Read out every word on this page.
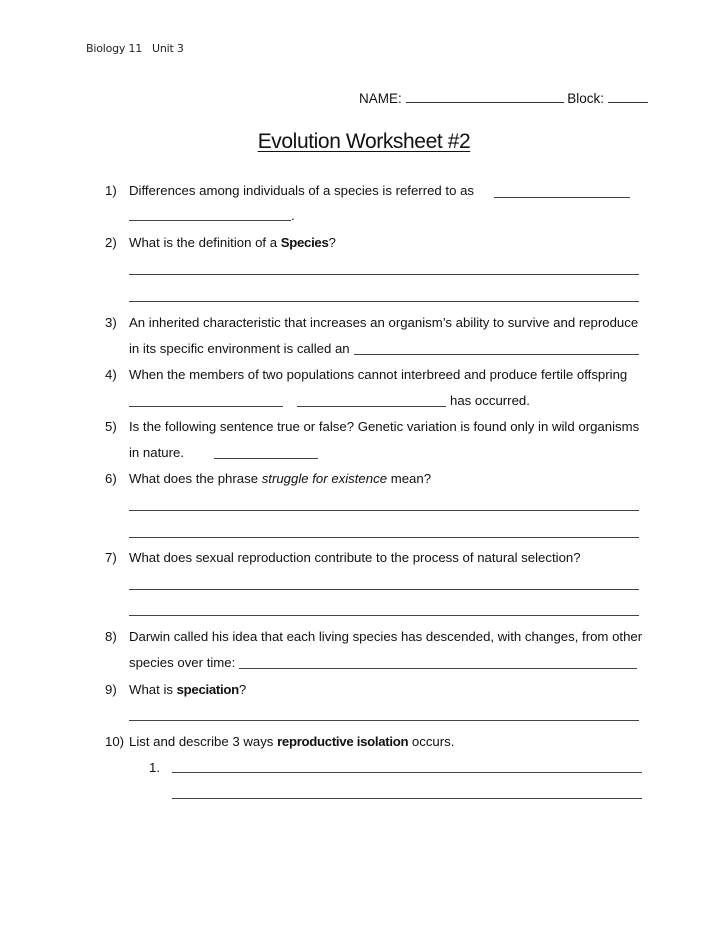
Biology 11   Unit 3
NAME:	Block:
Evolution Worksheet #2
1) Differences among individuals of a species is referred to as
.
2) What is the definition of a Species?
3) An inherited characteristic that increases an organism’s ability to survive and reproduce
in its specific environment is called an
4) When the members of two populations cannot interbreed and produce fertile offspring
has occurred.
5) Is the following sentence true or false? Genetic variation is found only in wild organisms
in nature.
6) What does the phrase struggle for existence mean?
7) What does sexual reproduction contribute to the process of natural selection?
8) Darwin called his idea that each living species has descended, with changes, from other
species over time:
9) What is speciation?
10) List and describe 3 ways reproductive isolation occurs.
1.
